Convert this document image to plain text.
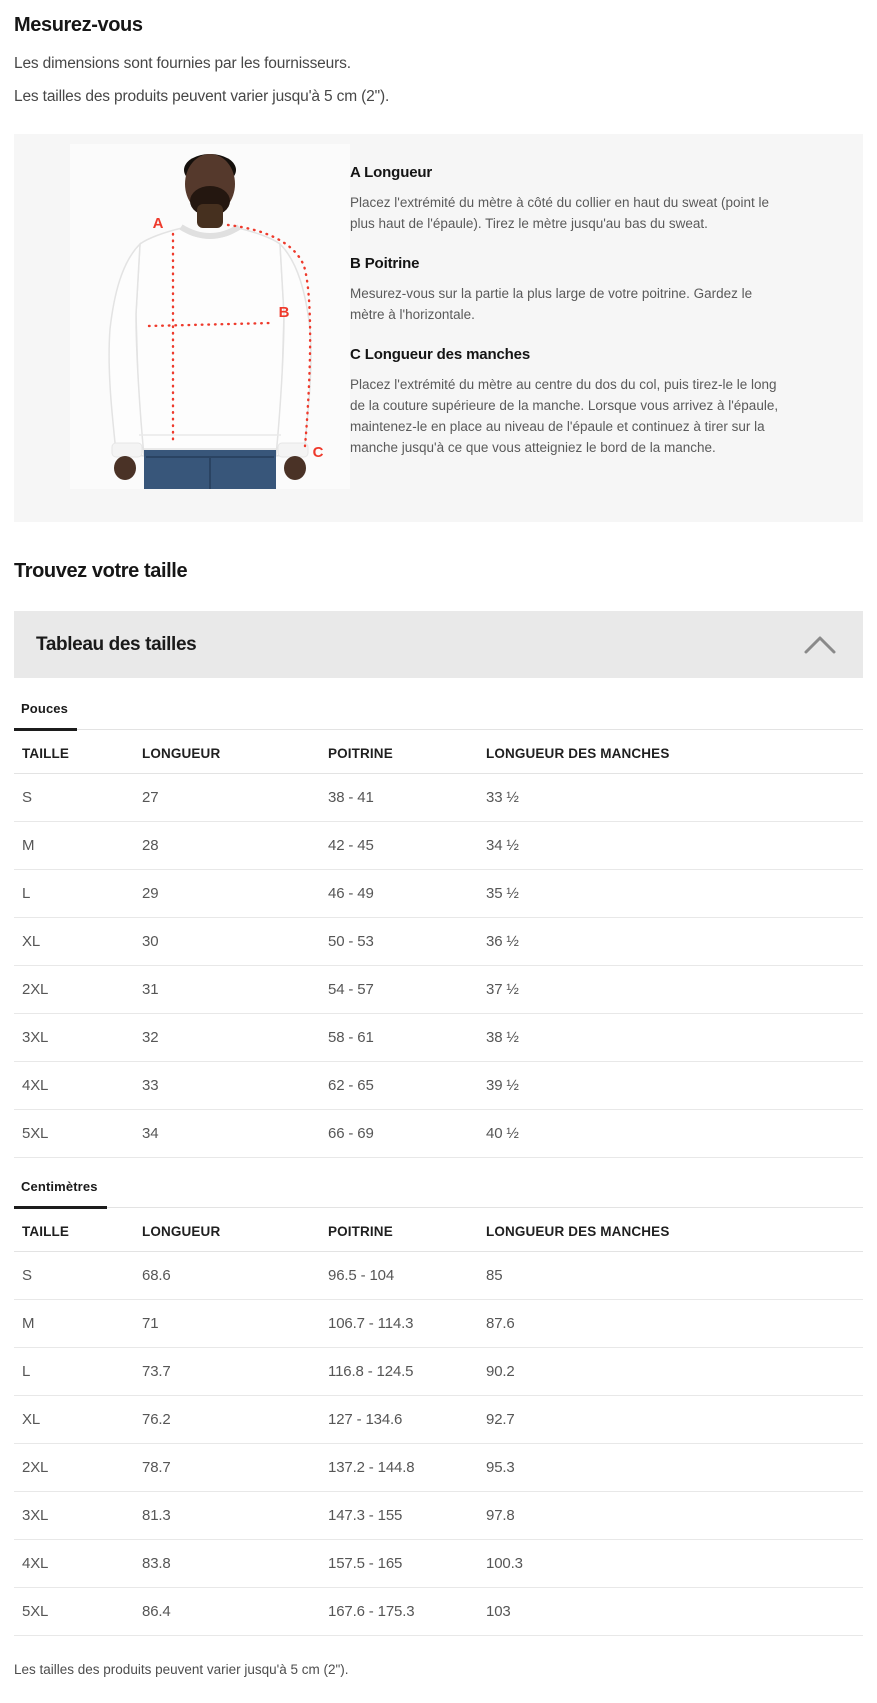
Mesurez-vous

Les dimensions sont fournies par les fournisseurs.

Les tailles des produits peuvent varier jusqu'à 5 cm (2").

A
B
C
A Longueur

Placez l'extrémité du mètre à côté du collier en haut du sweat (point le plus haut de l'épaule). Tirez le mètre jusqu'au bas du sweat.

B Poitrine

Mesurez-vous sur la partie la plus large de votre poitrine. Gardez le mètre à l'horizontale.

C Longueur des manches

Placez l'extrémité du mètre au centre du dos du col, puis tirez-le le long de la couture supérieure de la manche. Lorsque vous arrivez à l'épaule, maintenez-le en place au niveau de l'épaule et continuez à tirer sur la manche jusqu'à ce que vous atteigniez le bord de la manche.

Trouvez votre taille
Tableau des tailles
Pouces
TAILLE	LONGUEUR	POITRINE	LONGUEUR DES MANCHES
S	27	38 - 41	33 ½
M	28	42 - 45	34 ½
L	29	46 - 49	35 ½
XL	30	50 - 53	36 ½
2XL	31	54 - 57	37 ½
3XL	32	58 - 61	38 ½
4XL	33	62 - 65	39 ½
5XL	34	66 - 69	40 ½
Centimètres
TAILLE	LONGUEUR	POITRINE	LONGUEUR DES MANCHES
S	68.6	96.5 - 104	85
M	71	106.7 - 114.3	87.6
L	73.7	116.8 - 124.5	90.2
XL	76.2	127 - 134.6	92.7
2XL	78.7	137.2 - 144.8	95.3
3XL	81.3	147.3 - 155	97.8
4XL	83.8	157.5 - 165	100.3
5XL	86.4	167.6 - 175.3	103

Les tailles des produits peuvent varier jusqu'à 5 cm (2").
